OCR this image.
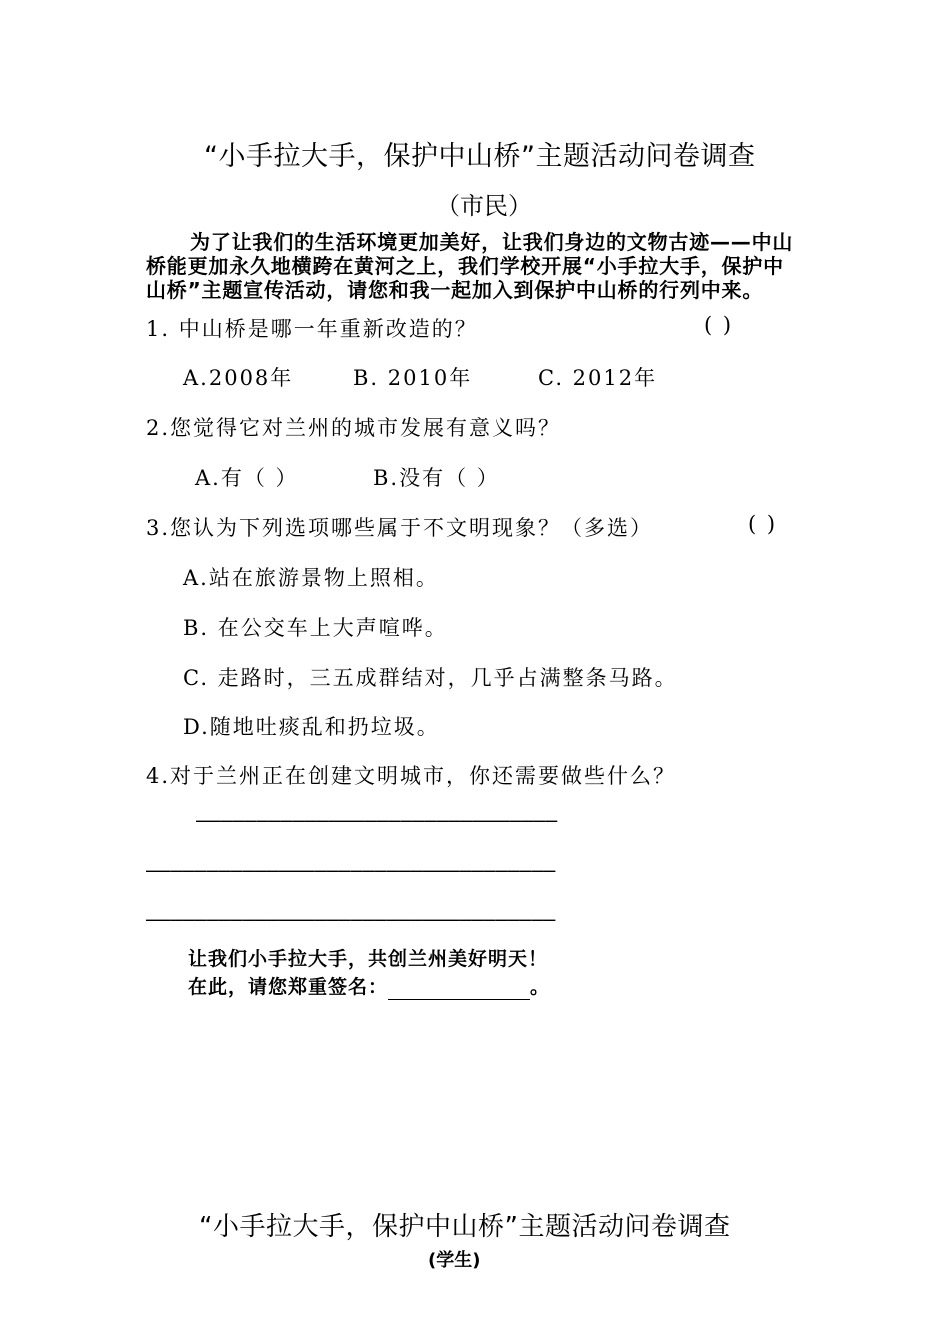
“小手拉大手，保护中山桥”主题活动问卷调查
（市民）
为了让我们的生活环境更加美好，让我们身边的文物古迹——中山
桥能更加永久地横跨在黄河之上，我们学校开展“小手拉大手，保护中
山桥”主题宣传活动，请您和我一起加入到保护中山桥的行列中来。
1. 中山桥是哪一年重新改造的？	( )
A.2008年	B. 2010年	C. 2012年
2.您觉得它对兰州的城市发展有意义吗？
A.有（ ）	B.没有（ ）
3.您认为下列选项哪些属于不文明现象？（多选）	( )
A.站在旅游景物上照相。
B. 在公交车上大声喧哗。
C. 走路时，三五成群结对，几乎占满整条马路。
D.随地吐痰乱和扔垃圾。
4.对于兰州正在创建文明城市，你还需要做些什么？
——————————————————————————————
——————————————————————————————————
——————————————————————————————————
让我们小手拉大手，共创兰州美好明天！
在此，请您郑重签名：	。
“小手拉大手，保护中山桥”主题活动问卷调查
(学生)
